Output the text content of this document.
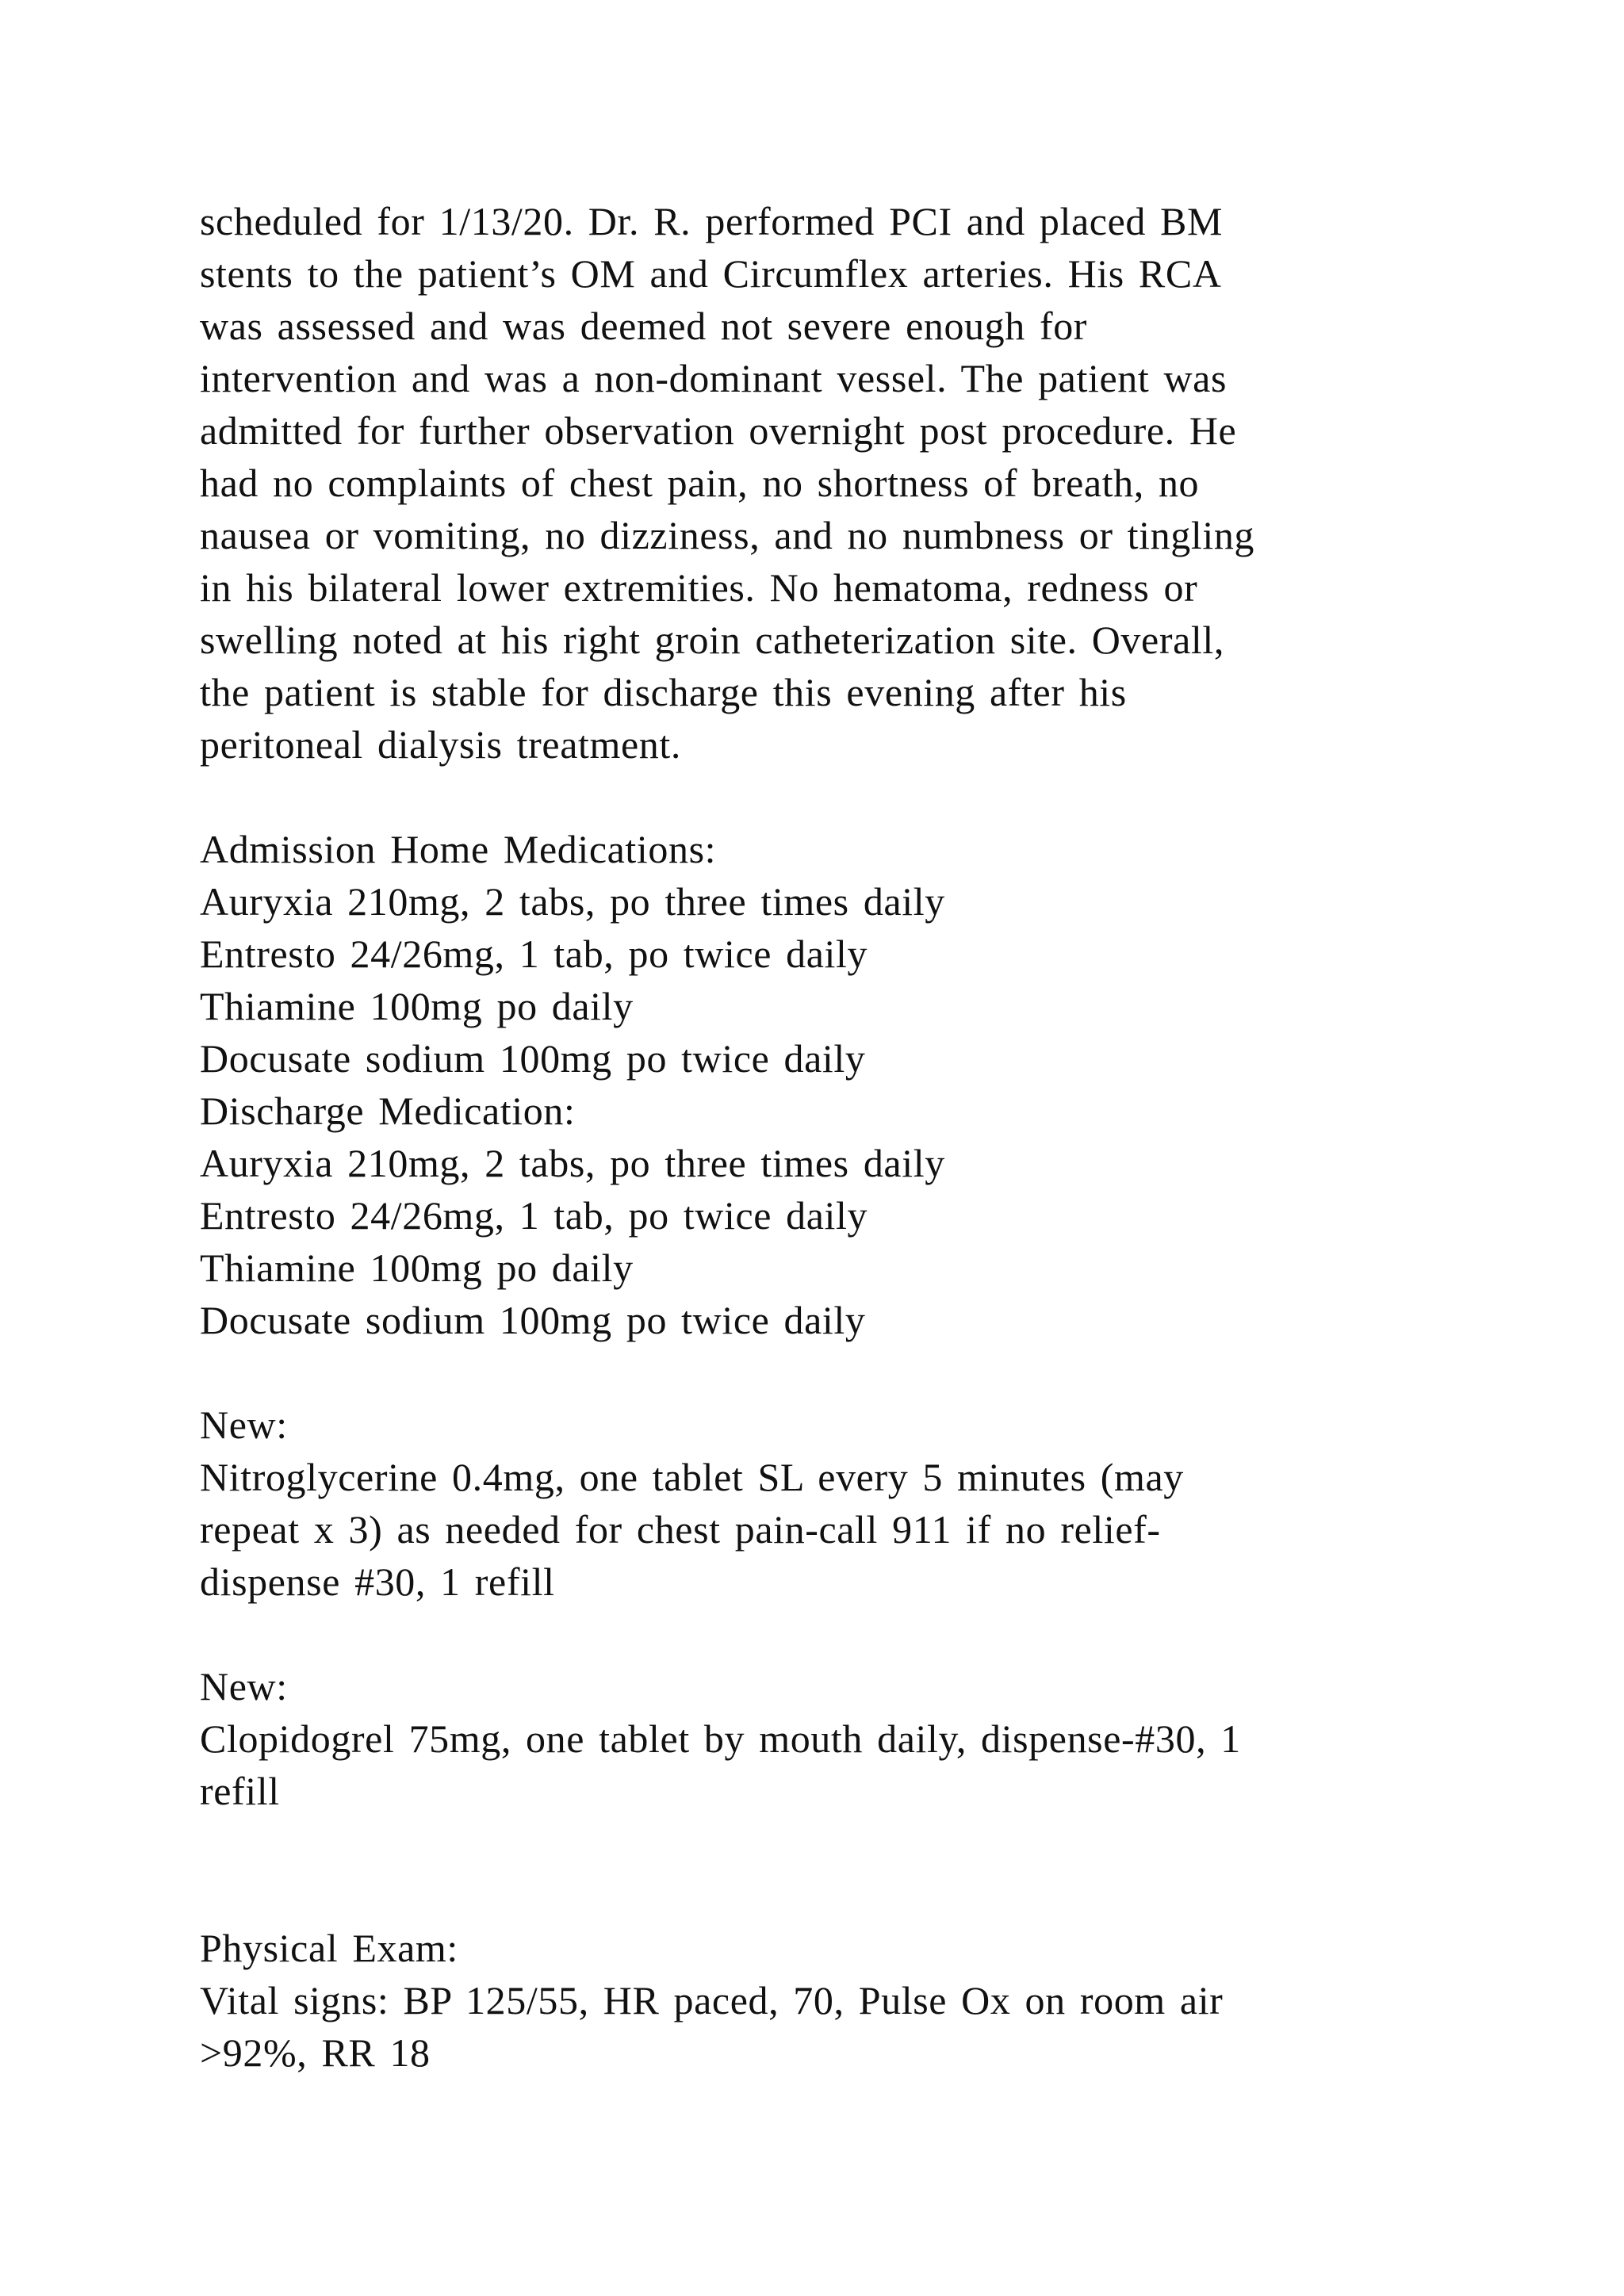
scheduled for 1/13/20. Dr. R. performed PCI and placed BM
stents to the patient’s OM and Circumflex arteries. His RCA
was assessed and was deemed not severe enough for
intervention and was a non-dominant vessel. The patient was
admitted for further observation overnight post procedure. He
had no complaints of chest pain, no shortness of breath, no
nausea or vomiting, no dizziness, and no numbness or tingling
in his bilateral lower extremities. No hematoma, redness or
swelling noted at his right groin catheterization site. Overall,
the patient is stable for discharge this evening after his
peritoneal dialysis treatment.
Admission Home Medications:
Auryxia 210mg, 2 tabs, po three times daily
Entresto 24/26mg, 1 tab, po twice daily
Thiamine 100mg po daily
Docusate sodium 100mg po twice daily
Discharge Medication:
Auryxia 210mg, 2 tabs, po three times daily
Entresto 24/26mg, 1 tab, po twice daily
Thiamine 100mg po daily
Docusate sodium 100mg po twice daily
New:
Nitroglycerine 0.4mg, one tablet SL every 5 minutes (may
repeat x 3) as needed for chest pain-call 911 if no relief-
dispense #30, 1 refill
New:
Clopidogrel 75mg, one tablet by mouth daily, dispense-#30, 1
refill
Physical Exam:
Vital signs: BP 125/55, HR paced, 70, Pulse Ox on room air
>92%, RR 18
